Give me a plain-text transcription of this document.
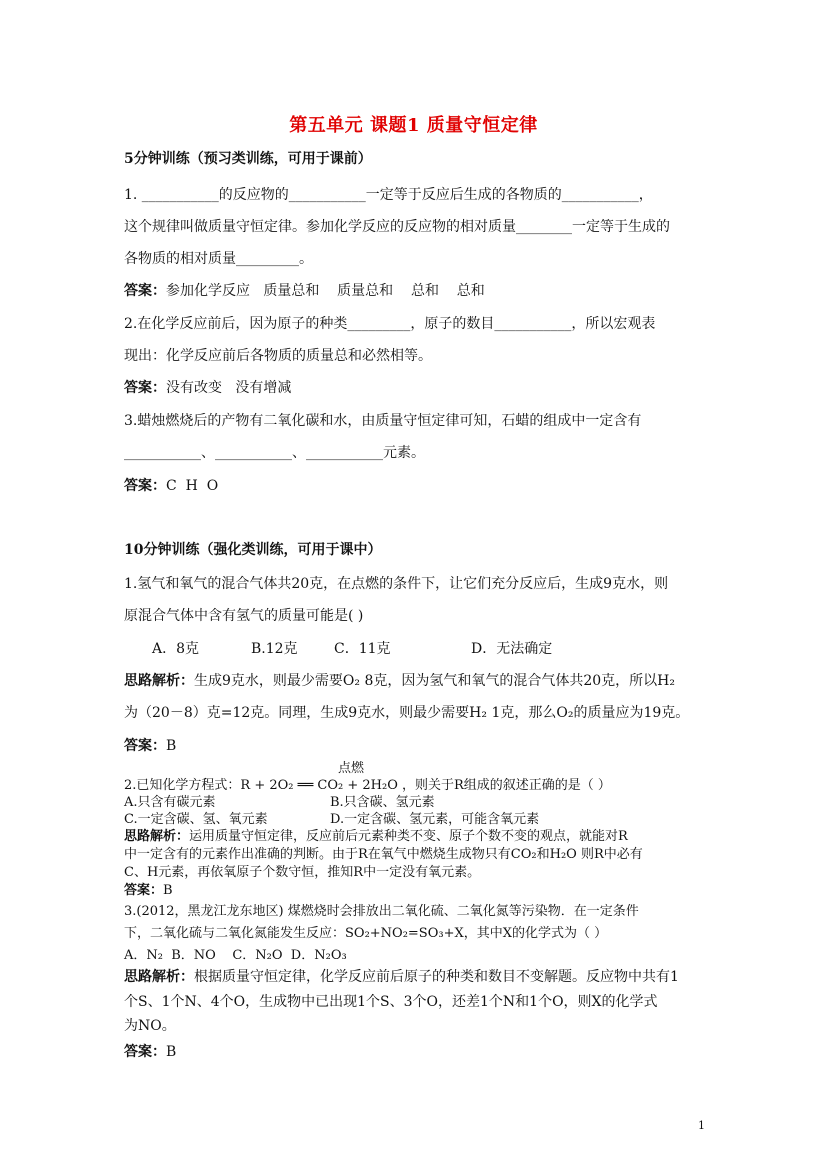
第五单元 课题1 质量守恒定律
5分钟训练（预习类训练，可用于课前）
1. ___________的反应物的___________一定等于反应后生成的各物质的___________，
这个规律叫做质量守恒定律。参加化学反应的反应物的相对质量________一定等于生成的
各物质的相对质量_________。
答案：参加化学反应   质量总和    质量总和    总和    总和
2.在化学反应前后，因为原子的种类_________，原子的数目___________，所以宏观表
现出：化学反应前后各物质的质量总和必然相等。
答案：没有改变   没有增减
3.蜡烛燃烧后的产物有二氧化碳和水，由质量守恒定律可知，石蜡的组成中一定含有
___________、___________、___________元素。
答案：C  H  O
10分钟训练（强化类训练，可用于课中）
1.氢气和氧气的混合气体共20克，在点燃的条件下，让它们充分反应后，生成9克水，则
原混合气体中含有氢气的质量可能是( )
A．8克	B.12克	C．11克	D．无法确定
思路解析：生成9克水，则最少需要O₂ 8克，因为氢气和氧气的混合气体共20克，所以H₂
为（20－8）克=12克。同理，生成9克水，则最少需要H₂ 1克，那么O₂的质量应为19克。
答案：B
点燃
2.已知化学方程式：R + 2O₂ ══ CO₂ + 2H₂O ，则关于R组成的叙述正确的是（ ）
A.只含有碳元素	B.只含碳、氢元素
C.一定含碳、氢、氧元素	D.一定含碳、氢元素，可能含氧元素
思路解析：运用质量守恒定律，反应前后元素种类不变、原子个数不变的观点，就能对R
中一定含有的元素作出准确的判断。由于R在氧气中燃烧生成物只有CO₂和H₂O 则R中必有
C、H元素，再依氧原子个数守恒，推知R中一定没有氧元素。
答案：B
3.(2012，黑龙江龙东地区) 煤燃烧时会排放出二氧化硫、二氧化氮等污染物．在一定条件
下，二氧化硫与二氧化氮能发生反应：SO₂+NO₂=SO₃+X，其中X的化学式为（ ）
A．N₂  B．NO    C．N₂O  D．N₂O₃
思路解析：根据质量守恒定律，化学反应前后原子的种类和数目不变解题。反应物中共有1
个S、1个N、4个O，生成物中已出现1个S、3个O，还差1个N和1个O，则X的化学式
为NO。
答案：B
1
